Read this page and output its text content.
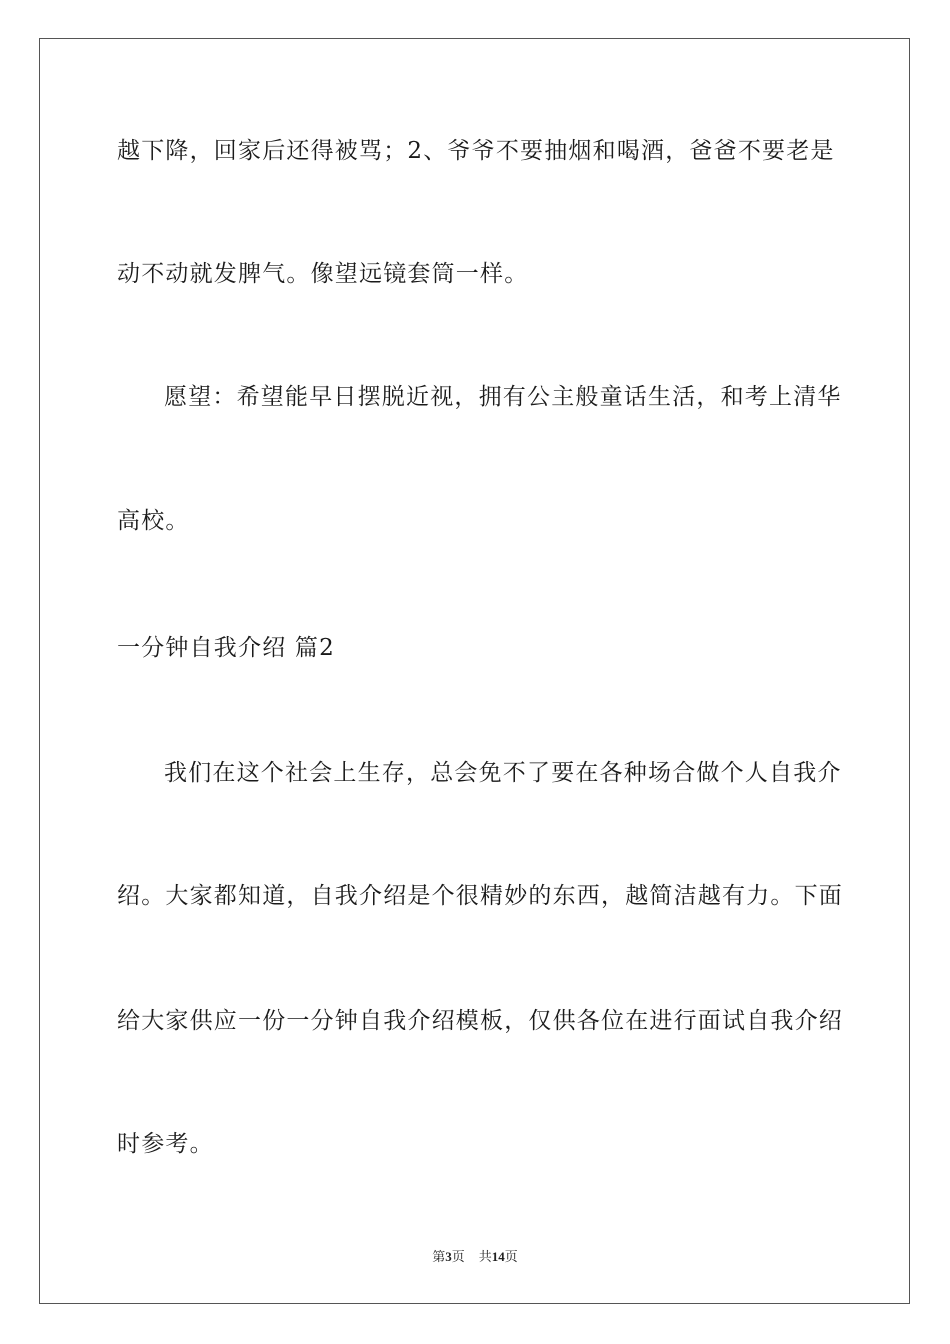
越下降，回家后还得被骂；2、爷爷不要抽烟和喝酒，爸爸不要老是
动不动就发脾气。像望远镜套筒一样。
愿望：希望能早日摆脱近视，拥有公主般童话生活，和考上清华
高校。
一分钟自我介绍 篇2
我们在这个社会上生存，总会免不了要在各种场合做个人自我介
绍。大家都知道，自我介绍是个很精妙的东西，越简洁越有力。下面
给大家供应一份一分钟自我介绍模板，仅供各位在进行面试自我介绍
时参考。
第3页 共14页
